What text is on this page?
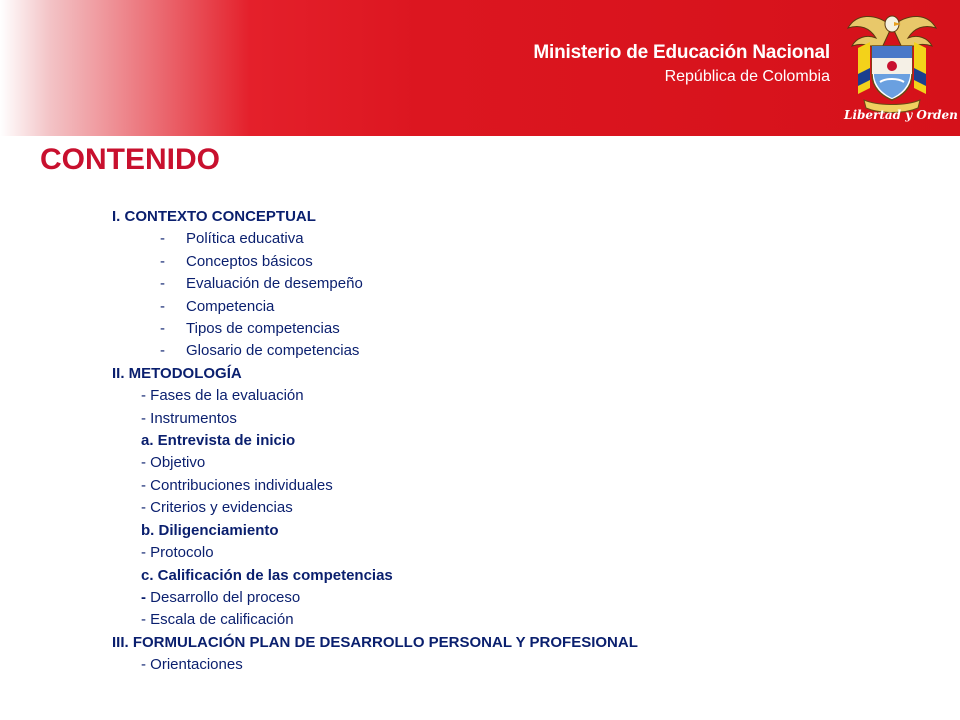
Ministerio de Educación Nacional
República de Colombia
Libertad y Orden
CONTENIDO
I. CONTEXTO CONCEPTUAL
- Política educativa
- Conceptos básicos
- Evaluación de desempeño
- Competencia
- Tipos de competencias
- Glosario de competencias
II. METODOLOGÍA
- Fases de la evaluación
- Instrumentos
a. Entrevista de inicio
- Objetivo
- Contribuciones individuales
- Criterios y evidencias
b. Diligenciamiento
- Protocolo
c. Calificación de las competencias
- Desarrollo del proceso
- Escala de calificación
III. FORMULACIÓN PLAN DE DESARROLLO PERSONAL Y PROFESIONAL
- Orientaciones
